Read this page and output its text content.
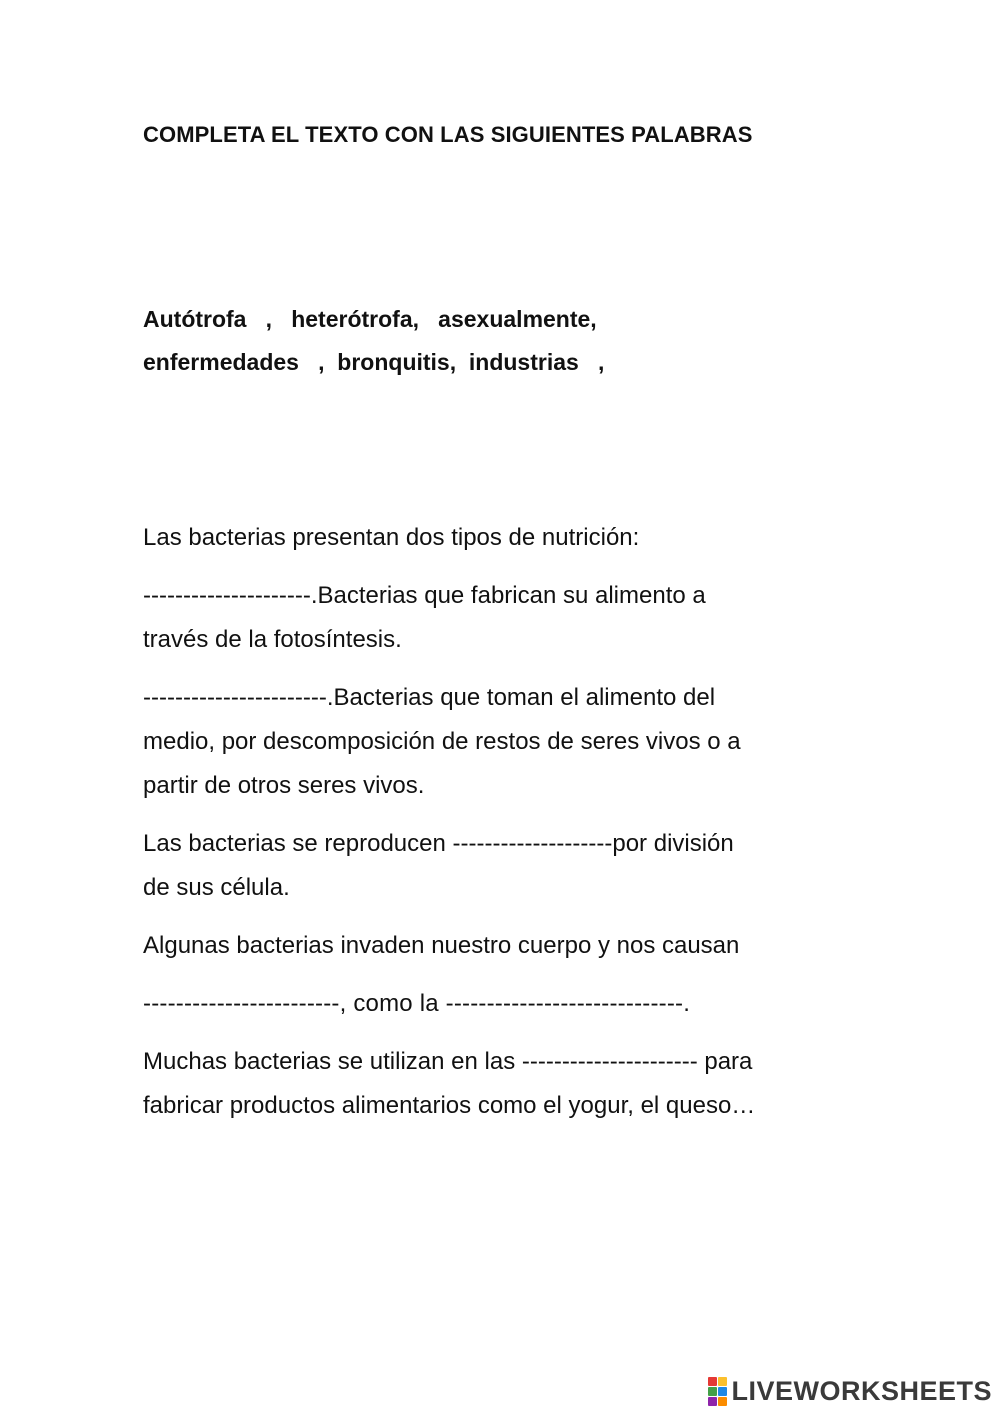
COMPLETA EL TEXTO CON LAS SIGUIENTES PALABRAS
Autótrofa   ,   heterótrofa,   asexualmente,
enfermedades   ,  bronquitis,  industrias   ,

Las bacterias presentan dos tipos de nutrición:

---------------------.Bacterias que fabrican su alimento a
través de la fotosíntesis.

-----------------------.Bacterias que toman el alimento del
medio, por descomposición de restos de seres vivos o a
partir de otros seres vivos.

Las bacterias se reproducen --------------------por división
de sus célula.

Algunas bacterias invaden nuestro cuerpo y nos causan

------------------------, como la -----------------------------.

Muchas bacterias se utilizan en las ---------------------- para
fabricar productos alimentarios como el yogur, el queso…

LIVEWORKSHEETS
